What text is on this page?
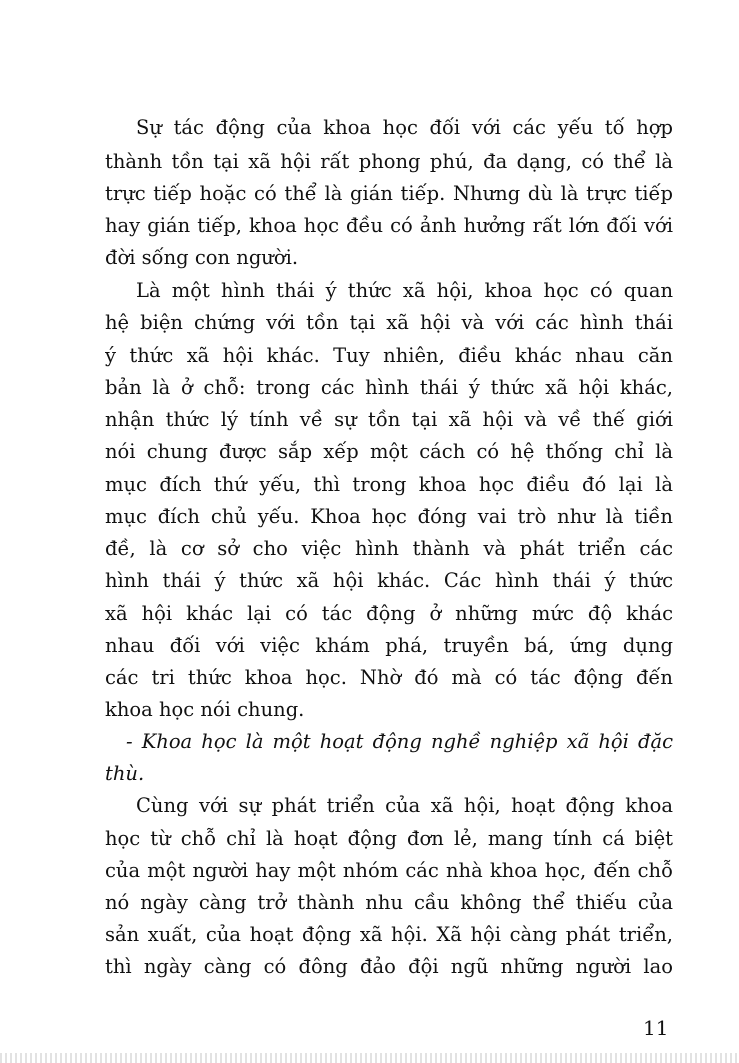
Sự tác động của khoa học đối với các yếu tố hợp
thành tồn tại xã hội rất phong phú, đa dạng, có thể là
trực tiếp hoặc có thể là gián tiếp. Nhưng dù là trực tiếp
hay gián tiếp, khoa học đều có ảnh hưởng rất lớn đối với
đời sống con người.
Là một hình thái ý thức xã hội, khoa học có quan
hệ biện chứng với tồn tại xã hội và với các hình thái
ý thức xã hội khác. Tuy nhiên, điều khác nhau căn
bản là ở chỗ: trong các hình thái ý thức xã hội khác,
nhận thức lý tính về sự tồn tại xã hội và về thế giới
nói chung được sắp xếp một cách có hệ thống chỉ là
mục đích thứ yếu, thì trong khoa học điều đó lại là
mục đích chủ yếu. Khoa học đóng vai trò như là tiền
đề, là cơ sở cho việc hình thành và phát triển các
hình thái ý thức xã hội khác. Các hình thái ý thức
xã hội khác lại có tác động ở những mức độ khác
nhau đối với việc khám phá, truyền bá, ứng dụng
các tri thức khoa học. Nhờ đó mà có tác động đến
khoa học nói chung.
- Khoa học là một hoạt động nghề nghiệp xã hội đặc
thù.
Cùng với sự phát triển của xã hội, hoạt động khoa
học từ chỗ chỉ là hoạt động đơn lẻ, mang tính cá biệt
của một người hay một nhóm các nhà khoa học, đến chỗ
nó ngày càng trở thành nhu cầu không thể thiếu của
sản xuất, của hoạt động xã hội. Xã hội càng phát triển,
thì ngày càng có đông đảo đội ngũ những người lao
11
